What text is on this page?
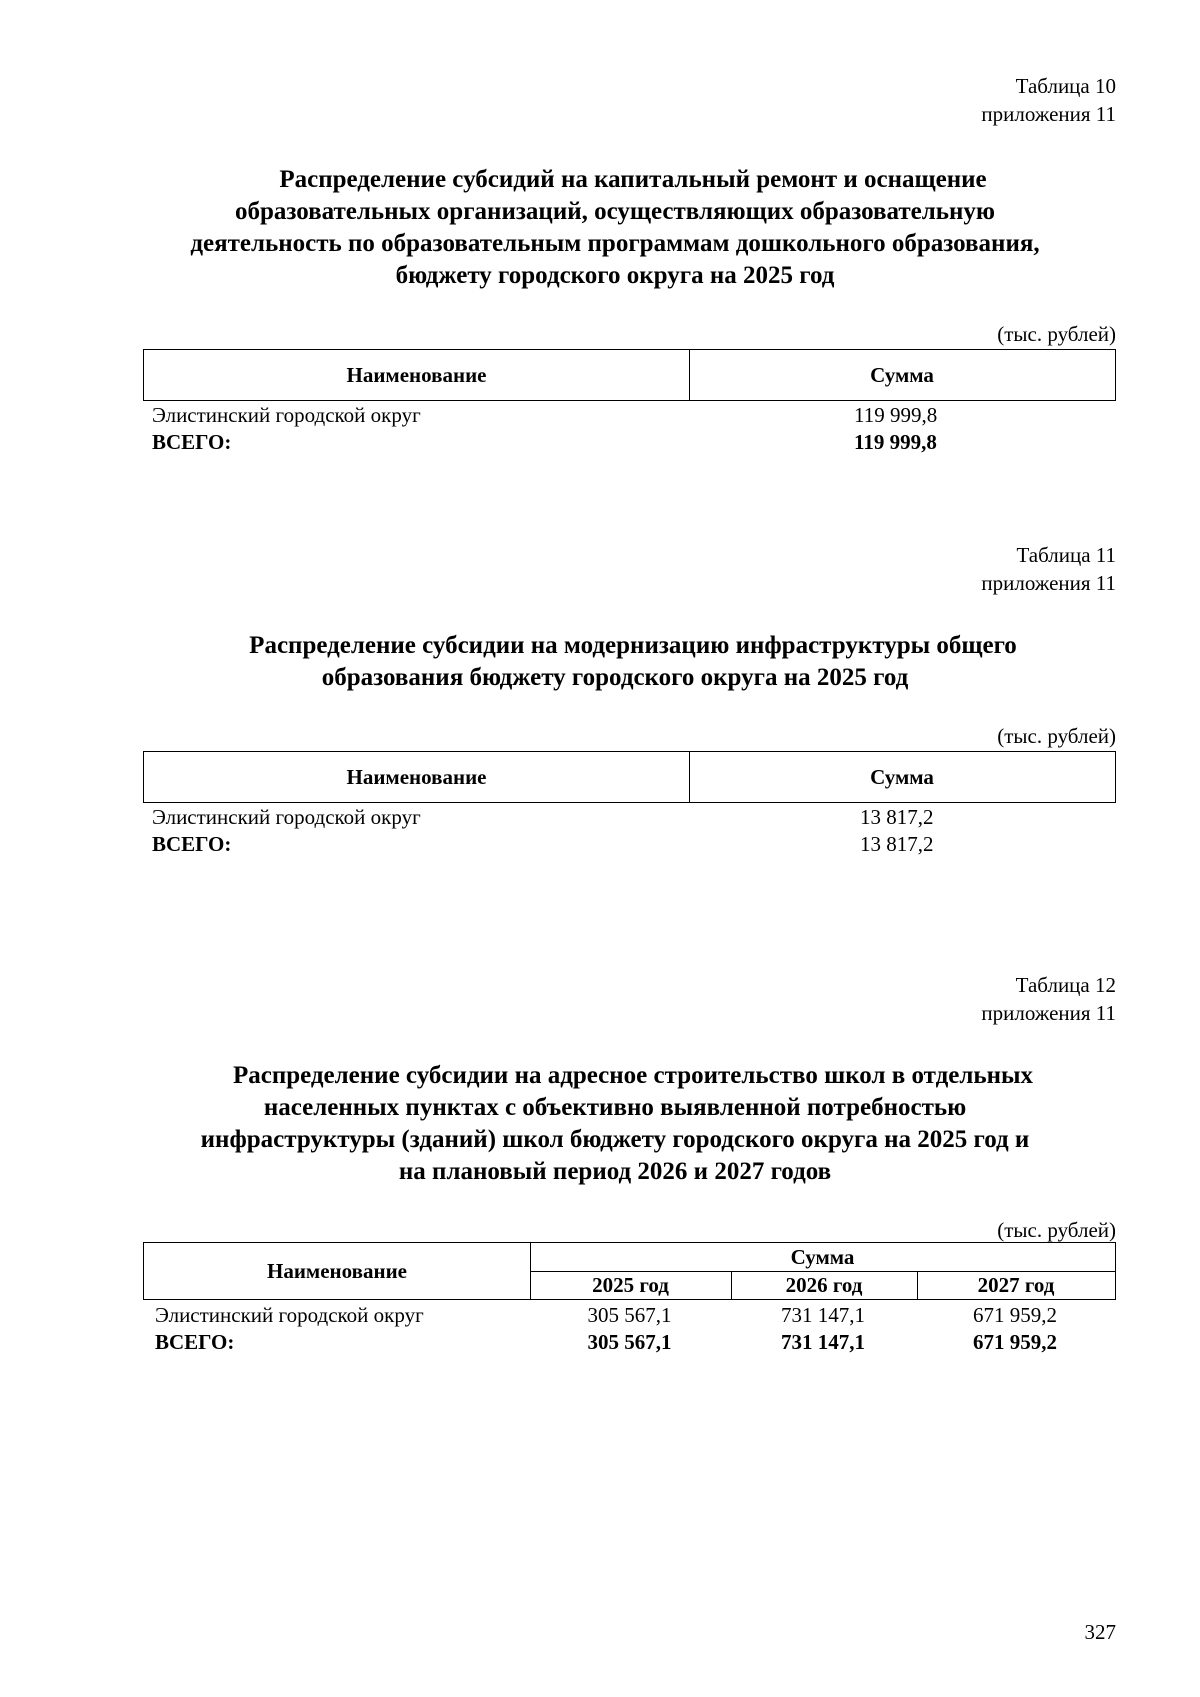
Таблица 10
приложения 11
Распределение субсидий на капитальный ремонт и оснащение
образовательных организаций, осуществляющих образовательную
деятельность по образовательным программам дошкольного образования,
бюджету городского округа на 2025 год
(тыс. рублей)
Наименование	Сумма
Элистинский городской округ	119 999,8
ВСЕГО:	119 999,8
Таблица 11
приложения 11
Распределение субсидии на модернизацию инфраструктуры общего
образования бюджету городского округа на 2025 год
(тыс. рублей)
Наименование	Сумма
Элистинский городской округ	13 817,2
ВСЕГО:	13 817,2
Таблица 12
приложения 11
Распределение субсидии на адресное строительство школ в отдельных
населенных пунктах с объективно выявленной потребностью
инфраструктуры (зданий) школ бюджету городского округа на 2025 год и
на плановый период 2026 и 2027 годов
(тыс. рублей)
Наименование
Сумма
2025 год	2026 год	2027 год
Элистинский городской округ	305 567,1	731 147,1	671 959,2
ВСЕГО:	305 567,1	731 147,1	671 959,2
327
